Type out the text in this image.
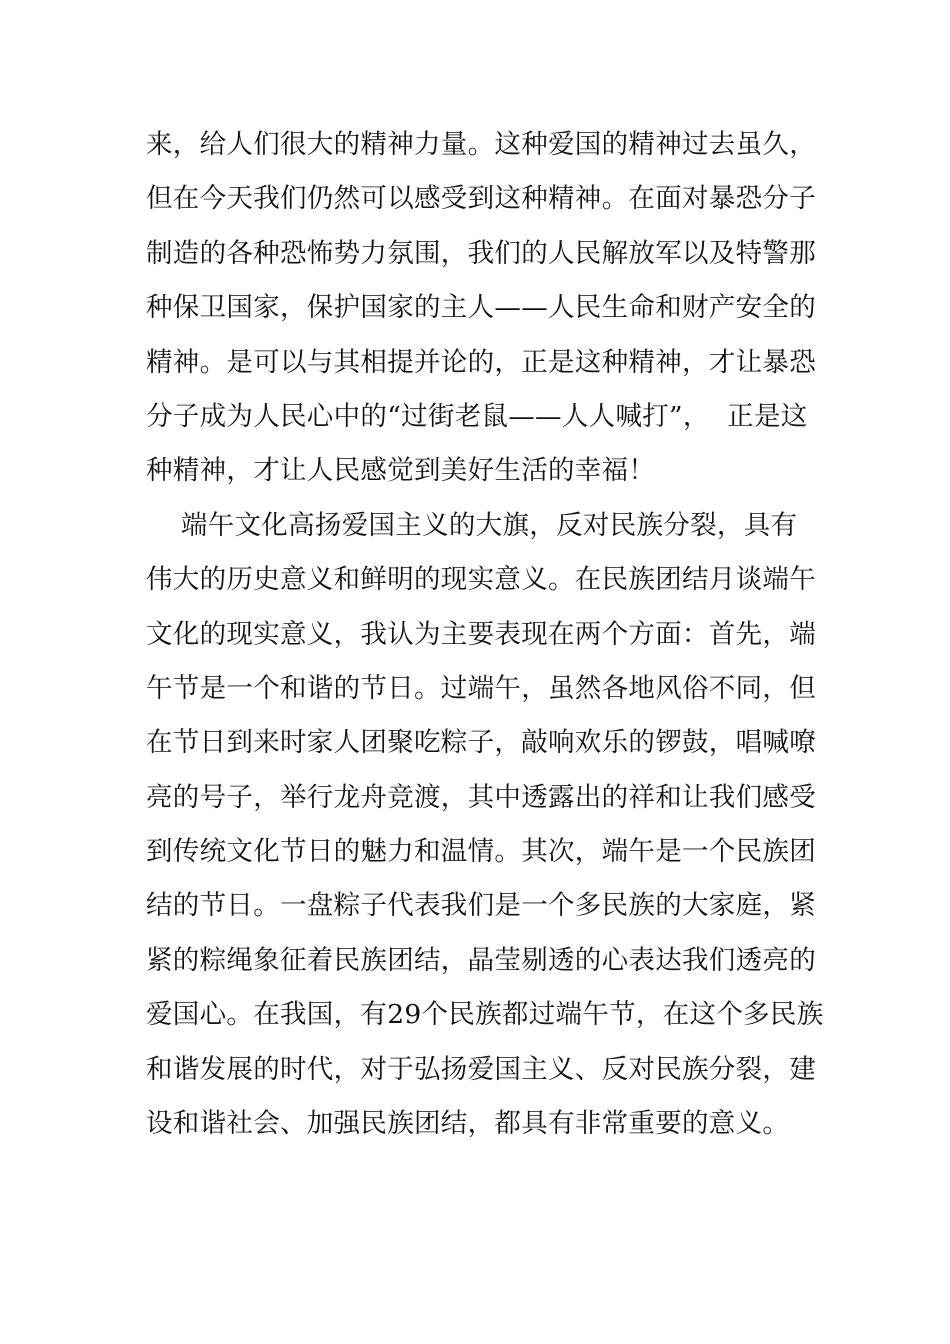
来，给人们很大的精神力量。这种爱国的精神过去虽久，
但在今天我们仍然可以感受到这种精神。在面对暴恐分子
制造的各种恐怖势力氛围，我们的人民解放军以及特警那
种保卫国家，保护国家的主人——人民生命和财产安全的
精神。是可以与其相提并论的，正是这种精神，才让暴恐
分子成为人民心中的“过街老鼠——人人喊打”，  正是这
种精神，才让人民感觉到美好生活的幸福！
端午文化高扬爱国主义的大旗，反对民族分裂，具有
伟大的历史意义和鲜明的现实意义。在民族团结月谈端午
文化的现实意义，我认为主要表现在两个方面：首先，端
午节是一个和谐的节日。过端午，虽然各地风俗不同，但
在节日到来时家人团聚吃粽子，敲响欢乐的锣鼓，唱喊嘹
亮的号子，举行龙舟竞渡，其中透露出的祥和让我们感受
到传统文化节日的魅力和温情。其次，端午是一个民族团
结的节日。一盘粽子代表我们是一个多民族的大家庭，紧
紧的粽绳象征着民族团结，晶莹剔透的心表达我们透亮的
爱国心。在我国，有29个民族都过端午节，在这个多民族
和谐发展的时代，对于弘扬爱国主义、反对民族分裂，建
设和谐社会、加强民族团结，都具有非常重要的意义。
